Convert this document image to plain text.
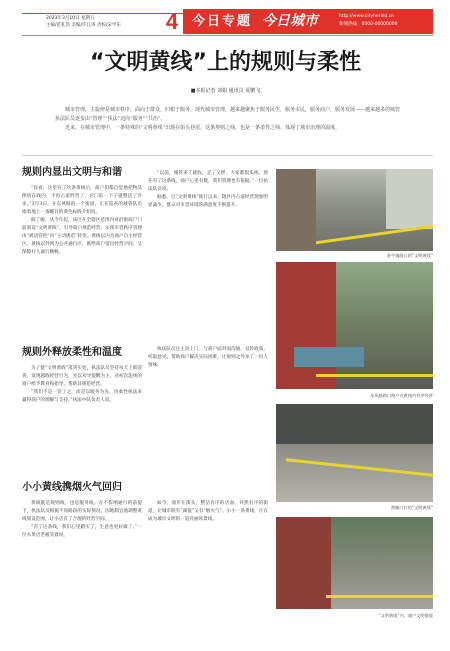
2023年3月10日 星期五
主编/范礼浩 美编/许江涛 责校/宋学东 4 今日专题 今日城市	http://www.cityherald.cn
新闻热线：0000-00000000
“文明黄线”上的规则与柔性
■本报记者 刘娟 通讯员 夏鹏飞

城市管理，主旋律是城市秩序，面向于群众，归根于服务。现代城市管理，越来越聚焦于服务民生，服务市民，服务商户，服务发展——越来越多的城管执法队员逐步由“管理”“执法”迈向“服务”“共治”。

近来，在城市管理中，一条特殊的“文明黄线”出现在街头巷尾，这条规则之线，也是一条柔性之线，体现了城市治理的温度。

规则内显出文明与和谐

“你看，这里有了这条黄线后，商户们都自觉地把物品摆放在线内，不再占道经营了，店门前一下子就整洁了许多。”3月3日，在东风路的一个街道，正在巡查的城管队员指着地上一条醒目的黄色标线介绍说。

据了解，从今年起，该区在全辖区范围内对沿街商户门前划设“文明黄线”，引导商户规范经营，实现市容秩序管理由“被动管控”向“主动规范”转变。黄线以内为商户自主经营区，黄线以外则为公共通行区，既给商户留出经营空间，又保障行人通行顺畅。

“以前，城管来了就收，走了又摆，大家都很头疼。现在有了这条线，商户心里有数，我们管理也有依据。”一位执法队员说。

据悉，自“文明黄线”推行以来，辖区内占道经营现象明显减少，群众对市容环境的满意度不断提升。

规则外释放柔性和温度

为了使“文明黄线”落到实处，执法队员坚持每天上街巡查，发现越线经营行为，先以劝导提醒为主，对初次违规的商户给予教育和指导，帮助其规范经营。

“我们不是一罚了之，而是以服务为先，用柔性执法来赢得商户的理解与支持。”执法中队负责人说。

执法队员还主动上门，与商户面对面沟通，宣传政策，听取意见，帮助商户解决实际困难，让规则之外多了一份人情味。

小小黄线携烟火气回归

黄线既是规则线，也是服务线。在不影响通行的前提下，执法队员根据不同路段的实际情况，因地制宜地调整黄线划设范围，让小店有了合理的经营空间。

“有了这条线，我们心里踏实了，生意也更好做了。”一位水果店老板笑着说。

如今，漫步在街头，整洁有序的店面、井然有序的街道，让城市既有“颜值”又有“烟火气”。小小一条黄线，正在成为城市文明的一道亮丽风景线。

金牛镇路口的“文明黄线”
东风路路口商户在黄线内有序经营
商铺门口的“文明黄线”
“文明黄线”内，商户文明摆放
